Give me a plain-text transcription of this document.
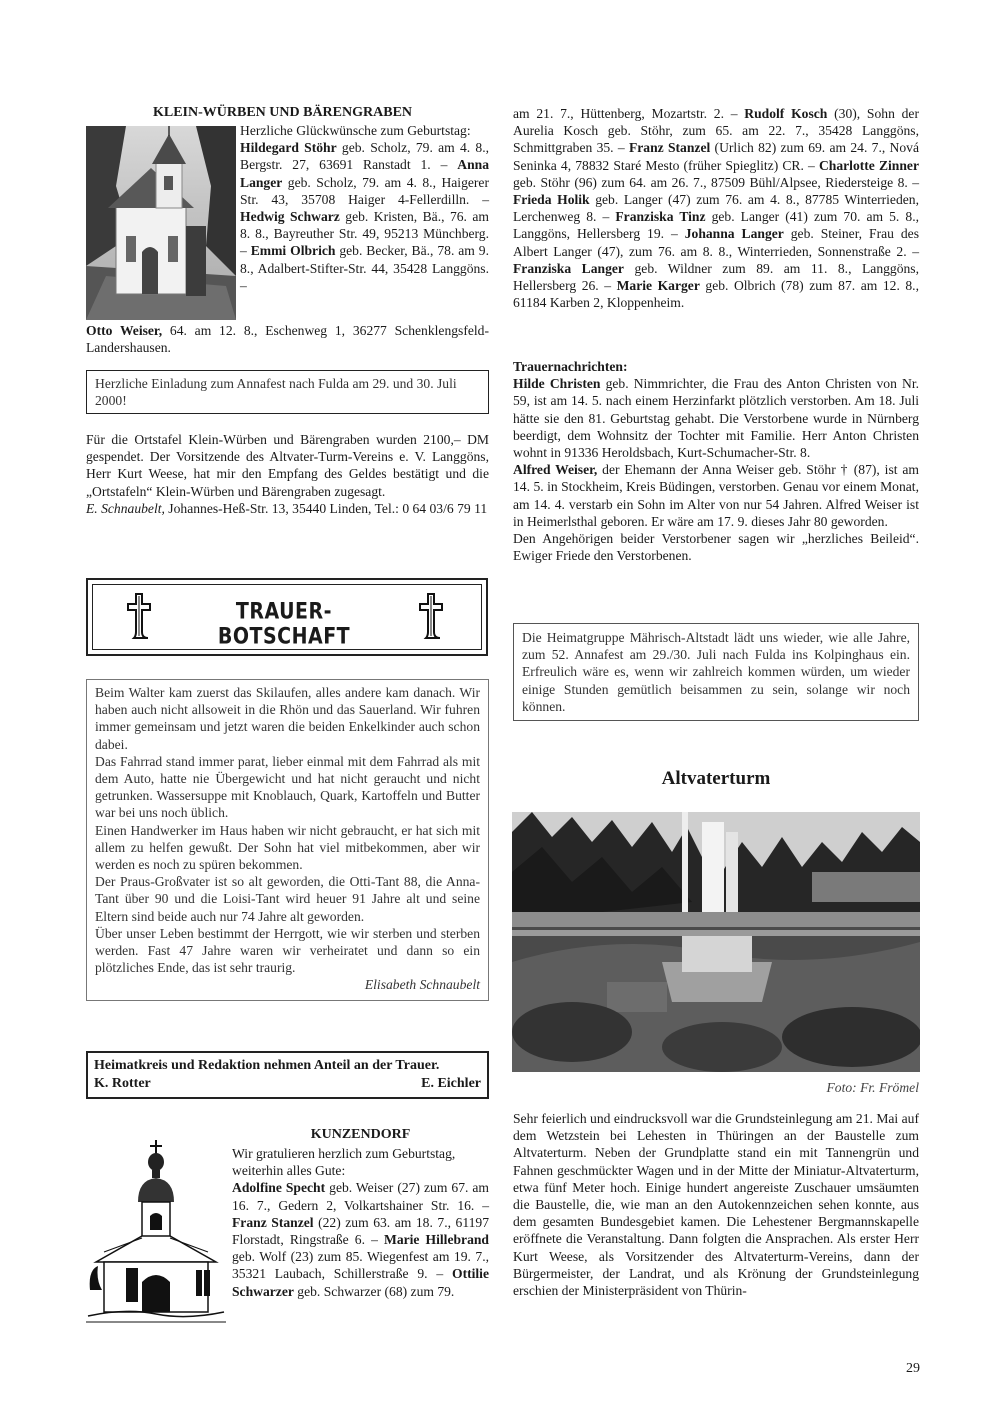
KLEIN-WÜRBEN UND BÄRENGRABEN

Herzliche Glückwünsche zum Geburtstag:

Hildegard Stöhr geb. Scholz, 79. am 4. 8., Bergstr. 27, 63691 Ranstadt 1. – Anna Langer geb. Scholz, 79. am 4. 8., Haigerer Str. 43, 35708 Haiger 4-Fellerdilln. – Hedwig Schwarz geb. Kristen, Bä., 76. am 8. 8., Bayreuther Str. 49, 95213 Münchberg. – Emmi Olbrich geb. Becker, Bä., 78. am 9. 8., Adalbert-Stifter-Str. 44, 35428 Langgöns. –

Otto Weiser, 64. am 12. 8., Eschenweg 1, 36277 Schenklengsfeld-Landershausen.

Herzliche Einladung zum Annafest nach Fulda am 29. und 30. Juli 2000!

Für die Ortstafel Klein-Würben und Bärengraben wurden 2100,– DM gespendet. Der Vorsitzende des Altvater-Turm-Vereins e. V. Langgöns, Herr Kurt Weese, hat mir den Empfang des Geldes bestätigt und die „Ortstafeln“ Klein-Würben und Bärengraben zugesagt.

E. Schnaubelt, Johannes-Heß-Str. 13, 35440 Linden, Tel.: 0 64 03/6 79 11

TRAUER-BOTSCHAFT

Beim Walter kam zuerst das Skilaufen, alles andere kam danach. Wir haben auch nicht allsoweit in die Rhön und das Sauerland. Wir fuhren immer gemeinsam und jetzt waren die beiden Enkelkinder auch schon dabei.

Das Fahrrad stand immer parat, lieber einmal mit dem Fahrrad als mit dem Auto, hatte nie Übergewicht und hat nicht geraucht und nicht getrunken. Wassersuppe mit Knoblauch, Quark, Kartoffeln und Butter war bei uns noch üblich.

Einen Handwerker im Haus haben wir nicht gebraucht, er hat sich mit allem zu helfen gewußt. Der Sohn hat viel mitbekommen, aber wir werden es noch zu spüren bekommen.

Der Praus-Großvater ist so alt geworden, die Otti-Tant 88, die Anna-Tant über 90 und die Loisi-Tant wird heuer 91 Jahre alt und seine Eltern sind beide auch nur 74 Jahre alt geworden.

Über unser Leben bestimmt der Herrgott, wie wir sterben und sterben werden. Fast 47 Jahre waren wir verheiratet und dann so ein plötzliches Ende, das ist sehr traurig.

Elisabeth Schnaubelt

Heimatkreis und Redaktion nehmen Anteil an der Trauer.
K. Rotter	E. Eichler
KUNZENDORF

Wir gratulieren herzlich zum Geburtstag, weiterhin alles Gute:

Adolfine Specht geb. Weiser (27) zum 67. am 16. 7., Gedern 2, Volkartshainer Str. 16. – Franz Stanzel (22) zum 63. am 18. 7., 61197 Florstadt, Ringstraße 6. – Marie Hillebrand geb. Wolf (23) zum 85. Wiegenfest am 19. 7., 35321 Laubach, Schillerstraße 9. – Ottilie Schwarzer geb. Schwarzer (68) zum 79.

am 21. 7., Hüttenberg, Mozartstr. 2. – Rudolf Kosch (30), Sohn der Aurelia Kosch geb. Stöhr, zum 65. am 22. 7., 35428 Langgöns, Schmittgraben 35. – Franz Stanzel (Urlich 82) zum 69. am 24. 7., Nová Seninka 4, 78832 Staré Mesto (früher Spieglitz) CR. – Charlotte Zinner geb. Stöhr (96) zum 64. am 26. 7., 87509 Bühl/Alpsee, Riedersteige 8. – Frieda Holik geb. Langer (47) zum 76. am 4. 8., 87785 Winterrieden, Lerchenweg 8. – Franziska Tinz geb. Langer (41) zum 70. am 5. 8., Langgöns, Hellersberg 19. – Johanna Langer geb. Steiner, Frau des Albert Langer (47), zum 76. am 8. 8., Winterrieden, Sonnenstraße 2. – Franziska Langer geb. Wildner zum 89. am 11. 8., Langgöns, Hellersberg 26. – Marie Karger geb. Olbrich (78) zum 87. am 12. 8., 61184 Karben 2, Kloppenheim.

Trauernachrichten:

Hilde Christen geb. Nimmrichter, die Frau des Anton Christen von Nr. 59, ist am 14. 5. nach einem Herzinfarkt plötzlich verstorben. Am 18. Juli hätte sie den 81. Geburtstag gehabt. Die Verstorbene wurde in Nürnberg beerdigt, dem Wohnsitz der Tochter mit Familie. Herr Anton Christen wohnt in 91336 Heroldsbach, Kurt-Schumacher-Str. 8.

Alfred Weiser, der Ehemann der Anna Weiser geb. Stöhr † (87), ist am 14. 5. in Stockheim, Kreis Büdingen, verstorben. Genau vor einem Monat, am 14. 4. verstarb ein Sohn im Alter von nur 54 Jahren. Alfred Weiser ist in Heimerlsthal geboren. Er wäre am 17. 9. dieses Jahr 80 geworden.

Den Angehörigen beider Verstorbener sagen wir „herzliches Beileid“. Ewiger Friede den Verstorbenen.

Die Heimatgruppe Mährisch-Altstadt lädt uns wieder, wie alle Jahre, zum 52. Annafest am 29./30. Juli nach Fulda ins Kolpinghaus ein. Erfreulich wäre es, wenn wir zahlreich kommen würden, um wieder einige Stunden gemütlich beisammen zu sein, solange wir noch können.
Altvaterturm
Foto: Fr. Frömel

Sehr feierlich und eindrucksvoll war die Grundsteinlegung am 21. Mai auf dem Wetzstein bei Lehesten in Thüringen an der Baustelle zum Altvaterturm. Neben der Grundplatte stand ein mit Tannengrün und Fahnen geschmückter Wagen und in der Mitte der Miniatur-Altvaterturm, etwa fünf Meter hoch. Einige hundert angereiste Zuschauer umsäumten die Baustelle, die, wie man an den Autokennzeichen sehen konnte, aus dem gesamten Bundesgebiet kamen. Die Lehestener Bergmannskapelle eröffnete die Veranstaltung. Dann folgten die Ansprachen. Als erster Herr Kurt Weese, als Vorsitzender des Altvaterturm-Vereins, dann der Bürgermeister, der Landrat, und als Krönung der Grundsteinlegung erschien der Ministerpräsident von Thürin-

29
